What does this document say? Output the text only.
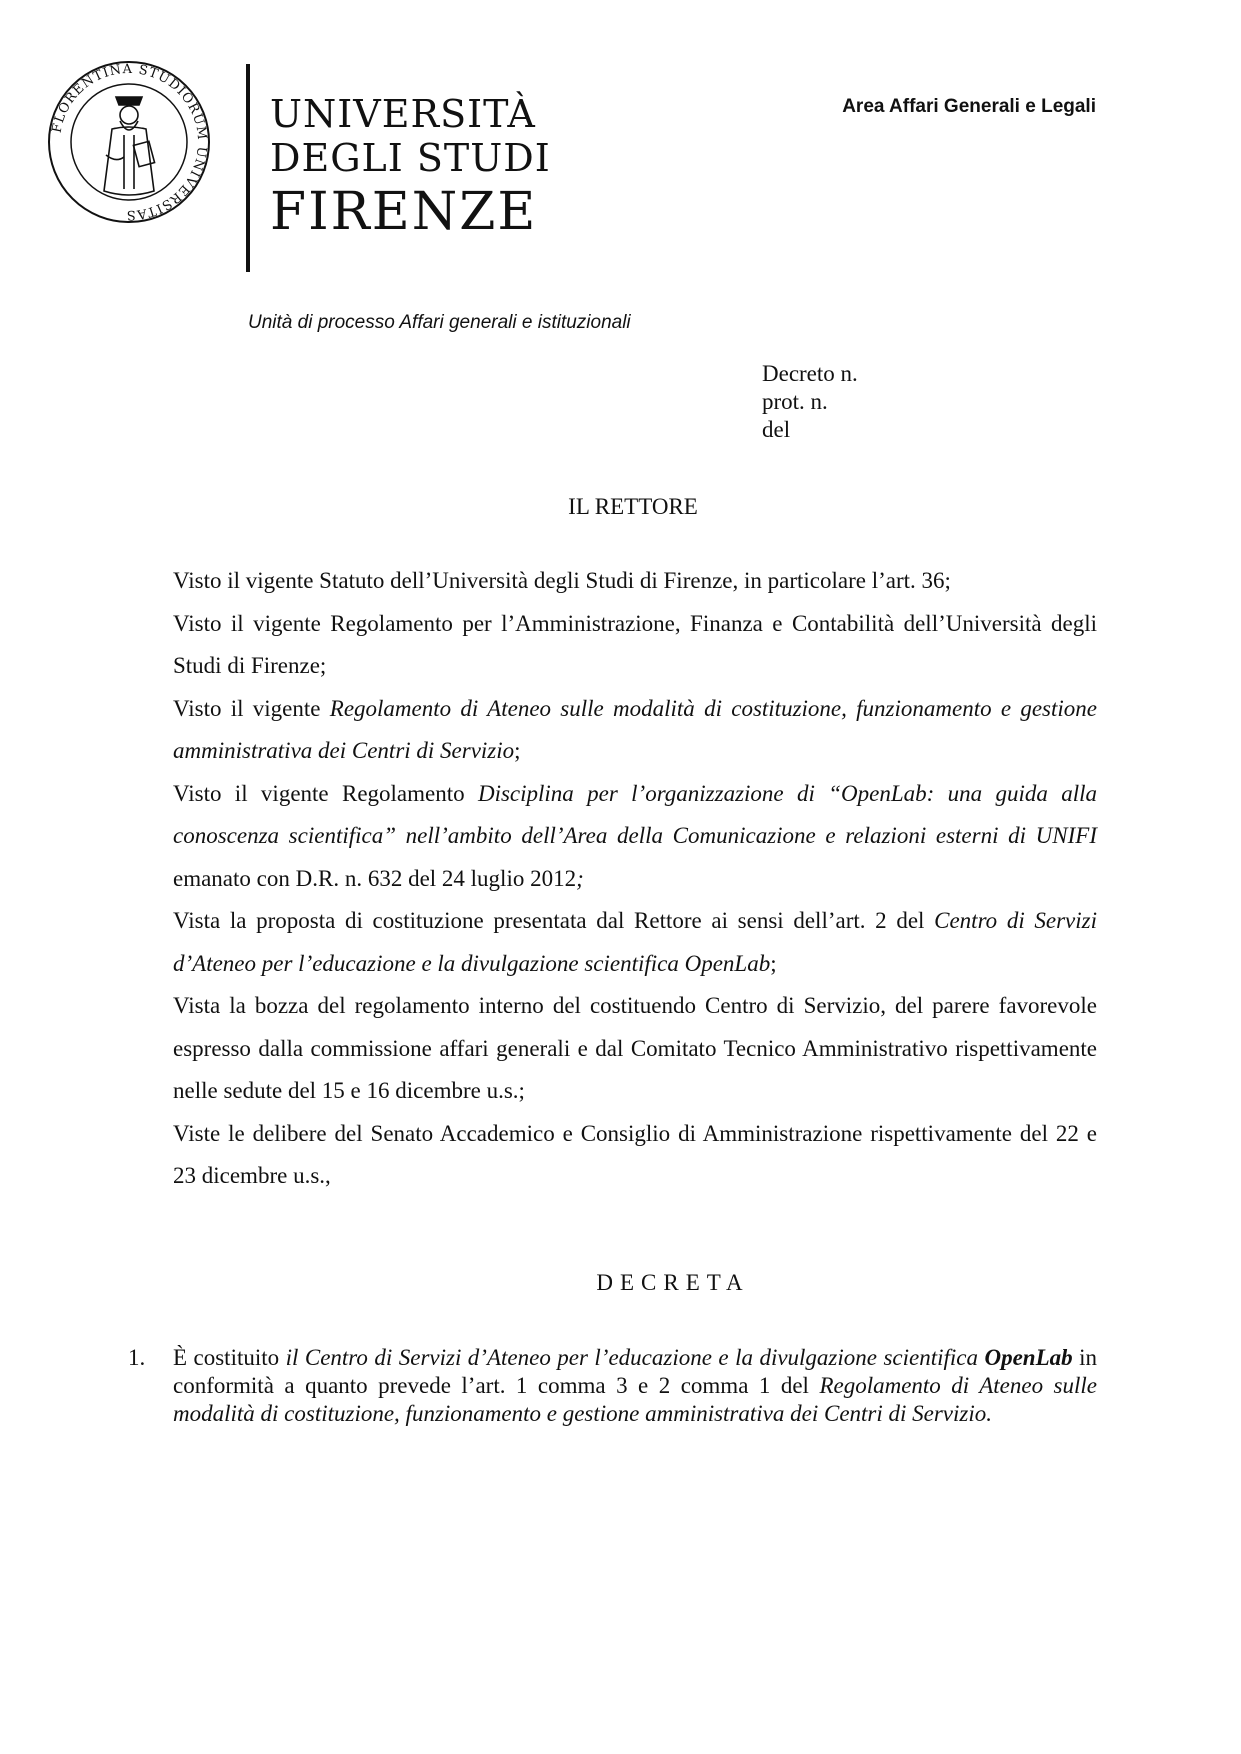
FLORENTINA STUDIORUM UNIVERSITAS
UNIVERSITÀ
DEGLI STUDI
FIRENZE
Area Affari Generali e Legali
Unità di processo Affari generali e istituzionali
Decreto n.
prot. n.
del
IL RETTORE

Visto il vigente Statuto dell’Università degli Studi di Firenze, in particolare l’art. 36;

Visto il vigente Regolamento per l’Amministrazione, Finanza e Contabilità dell’Università degli Studi di Firenze;

Visto il vigente Regolamento di Ateneo sulle modalità di costituzione, funzionamento e gestione amministrativa dei Centri di Servizio;

Visto il vigente Regolamento Disciplina per l’organizzazione di “OpenLab: una guida alla conoscenza scientifica” nell’ambito dell’Area della Comunicazione e relazioni esterni di UNIFI emanato con D.R. n. 632 del 24 luglio 2012;

Vista la proposta di costituzione presentata dal Rettore ai sensi dell’art. 2 del Centro di Servizi d’Ateneo per l’educazione e la divulgazione scientifica OpenLab;

Vista la bozza del regolamento interno del costituendo Centro di Servizio, del parere favorevole espresso dalla commissione affari generali e dal Comitato Tecnico Amministrativo rispettivamente nelle sedute del 15 e 16 dicembre u.s.;

Viste le delibere del Senato Accademico e Consiglio di Amministrazione rispettivamente del 22 e 23 dicembre u.s.,

DECRETA
1. È costituito il Centro di Servizi d’Ateneo per l’educazione e la divulgazione scientifica OpenLab in conformità a quanto prevede l’art. 1 comma 3 e 2 comma 1 del Regolamento di Ateneo sulle modalità di costituzione, funzionamento e gestione amministrativa dei Centri di Servizio.
